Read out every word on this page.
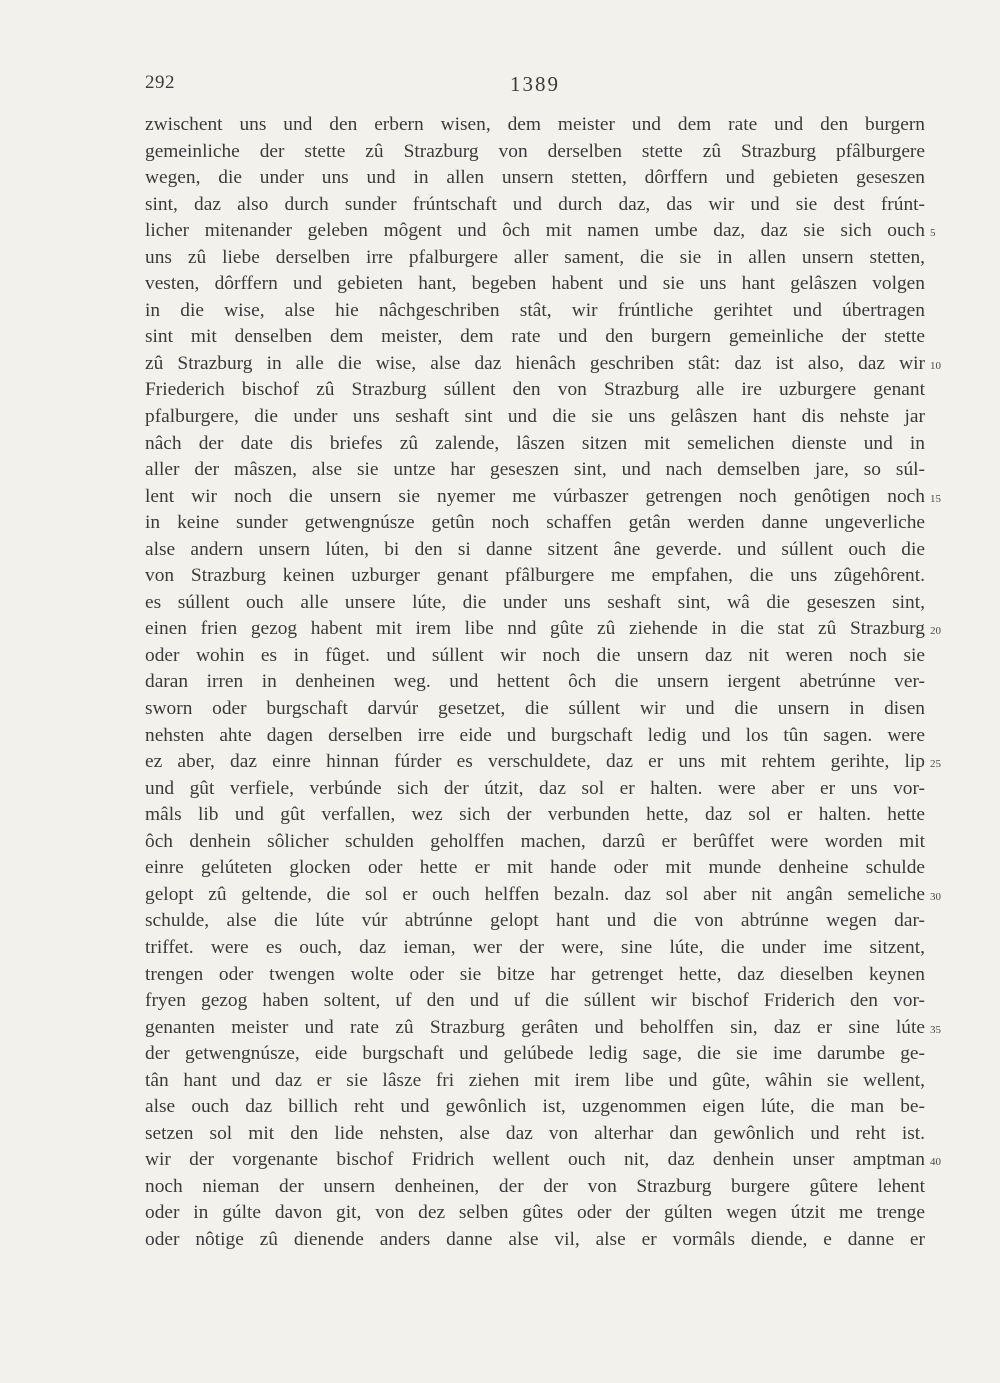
292	1389
zwischent uns und den erbern wisen, dem meister und dem rate und den burgern
gemeinliche der stette zû Strazburg von derselben stette zû Strazburg pfâlburgere
wegen, die under uns und in allen unsern stetten, dôrffern und gebieten geseszen
sint, daz also durch sunder frúntschaft und durch daz, das wir und sie dest frúnt-
licher mitenander geleben môgent und ôch mit namen umbe daz, daz sie sich ouch
uns zû liebe derselben irre pfalburgere aller sament, die sie in allen unsern stetten,
vesten, dôrffern und gebieten hant, begeben habent und sie uns hant gelâszen volgen
in die wise, alse hie nâchgeschriben stât, wir frúntliche gerihtet und úbertragen
sint mit denselben dem meister, dem rate und den burgern gemeinliche der stette
zû Strazburg in alle die wise, alse daz hienâch geschriben stât: daz ist also, daz wir
Friederich bischof zû Strazburg súllent den von Strazburg alle ire uzburgere genant
pfalburgere, die under uns seshaft sint und die sie uns gelâszen hant dis nehste jar
nâch der date dis briefes zû zalende, lâszen sitzen mit semelichen dienste und in
aller der mâszen, alse sie untze har geseszen sint, und nach demselben jare, so súl-
lent wir noch die unsern sie nyemer me vúrbaszer getrengen noch genôtigen noch
in keine sunder getwengnúsze getûn noch schaffen getân werden danne ungeverliche
alse andern unsern lúten, bi den si danne sitzent âne geverde. und súllent ouch die
von Strazburg keinen uzburger genant pfâlburgere me empfahen, die uns zûgehôrent.
es súllent ouch alle unsere lúte, die under uns seshaft sint, wâ die geseszen sint,
einen frien gezog habent mit irem libe nnd gûte zû ziehende in die stat zû Strazburg
oder wohin es in fûget. und súllent wir noch die unsern daz nit weren noch sie
daran irren in denheinen weg. und hettent ôch die unsern iergent abetrúnne ver-
sworn oder burgschaft darvúr gesetzet, die súllent wir und die unsern in disen
nehsten ahte dagen derselben irre eide und burgschaft ledig und los tûn sagen. were
ez aber, daz einre hinnan fúrder es verschuldete, daz er uns mit rehtem gerihte, lip
und gût verfiele, verbúnde sich der útzit, daz sol er halten. were aber er uns vor-
mâls lib und gût verfallen, wez sich der verbunden hette, daz sol er halten. hette
ôch denhein sôlicher schulden geholffen machen, darzû er berûffet were worden mit
einre gelúteten glocken oder hette er mit hande oder mit munde denheine schulde
gelopt zû geltende, die sol er ouch helffen bezaln. daz sol aber nit angân semeliche
schulde, alse die lúte vúr abtrúnne gelopt hant und die von abtrúnne wegen dar-
triffet. were es ouch, daz ieman, wer der were, sine lúte, die under ime sitzent,
trengen oder twengen wolte oder sie bitze har getrenget hette, daz dieselben keynen
fryen gezog haben soltent, uf den und uf die súllent wir bischof Friderich den vor-
genanten meister und rate zû Strazburg gerâten und beholffen sin, daz er sine lúte
der getwengnúsze, eide burgschaft und gelúbede ledig sage, die sie ime darumbe ge-
tân hant und daz er sie lâsze fri ziehen mit irem libe und gûte, wâhin sie wellent,
alse ouch daz billich reht und gewônlich ist, uzgenommen eigen lúte, die man be-
setzen sol mit den lide nehsten, alse daz von alterhar dan gewônlich und reht ist.
wir der vorgenante bischof Fridrich wellent ouch nit, daz denhein unser amptman
noch nieman der unsern denheinen, der der von Strazburg burgere gûtere lehent
oder in gúlte davon git, von dez selben gûtes oder der gúlten wegen útzit me trenge
oder nôtige zû dienende anders danne alse vil, alse er vormâls diende, e danne er
5
10
15
20
25
30
35
40
